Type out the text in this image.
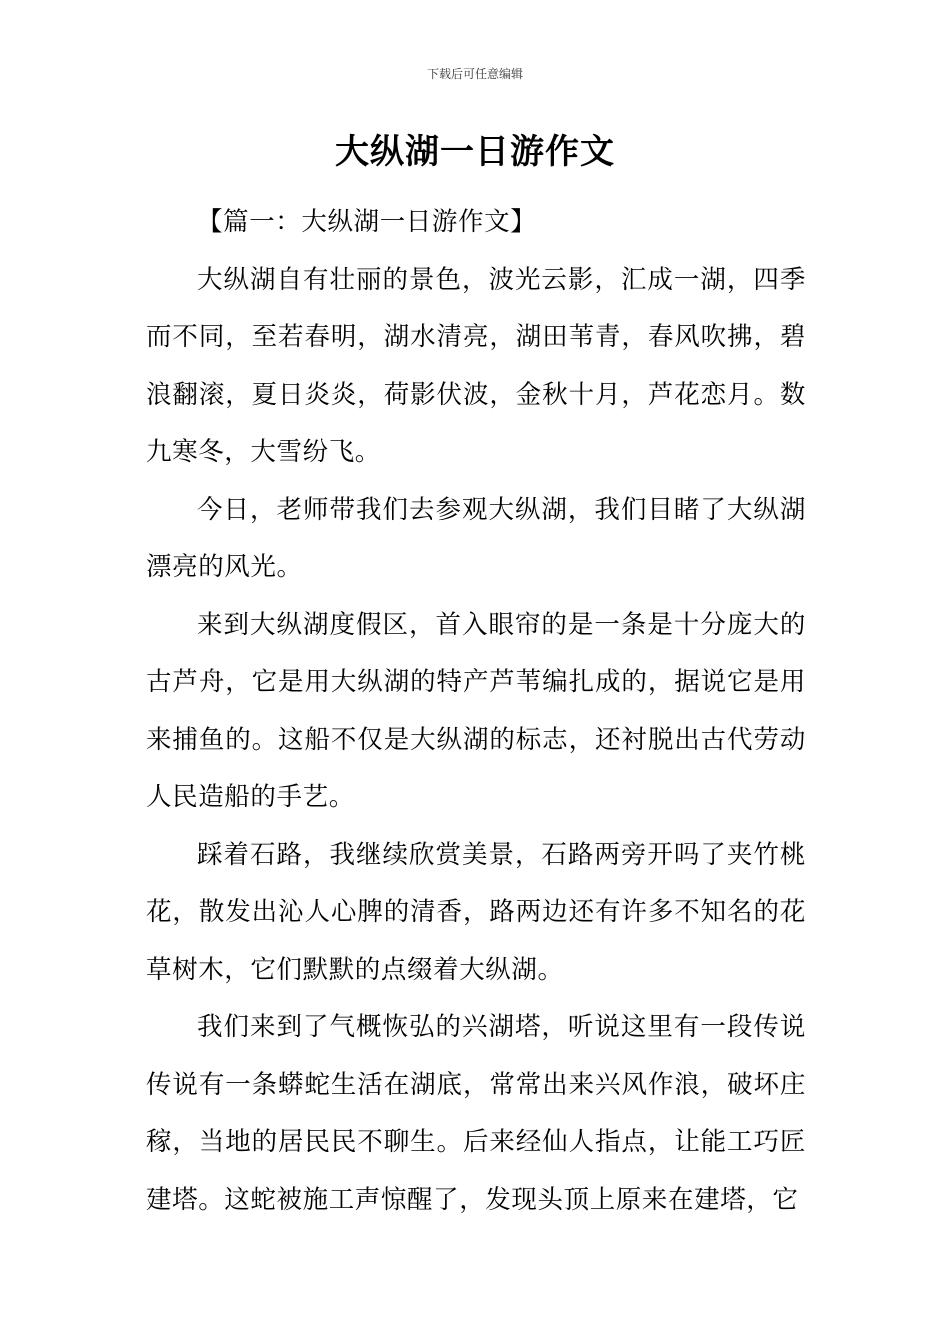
下载后可任意编辑
大纵湖一日游作文

【篇一：大纵湖一日游作文】

大纵湖自有壮丽的景色，波光云影，汇成一湖，四季而不同，至若春明，湖水清亮，湖田苇青，春风吹拂，碧浪翻滚，夏日炎炎，荷影伏波，金秋十月，芦花恋月。数九寒冬，大雪纷飞。

今日，老师带我们去参观大纵湖，我们目睹了大纵湖漂亮的风光。

来到大纵湖度假区，首入眼帘的是一条是十分庞大的古芦舟，它是用大纵湖的特产芦苇编扎成的，据说它是用来捕鱼的。这船不仅是大纵湖的标志，还衬脱出古代劳动人民造船的手艺。

踩着石路，我继续欣赏美景，石路两旁开吗了夹竹桃花，散发出沁人心脾的清香，路两边还有许多不知名的花草树木，它们默默的点缀着大纵湖。

我们来到了气概恢弘的兴湖塔，听说这里有一段传说传说有一条蟒蛇生活在湖底，常常出来兴风作浪，破坏庄稼，当地的居民民不聊生。后来经仙人指点，让能工巧匠建塔。这蛇被施工声惊醒了，发现头顶上原来在建塔，它
